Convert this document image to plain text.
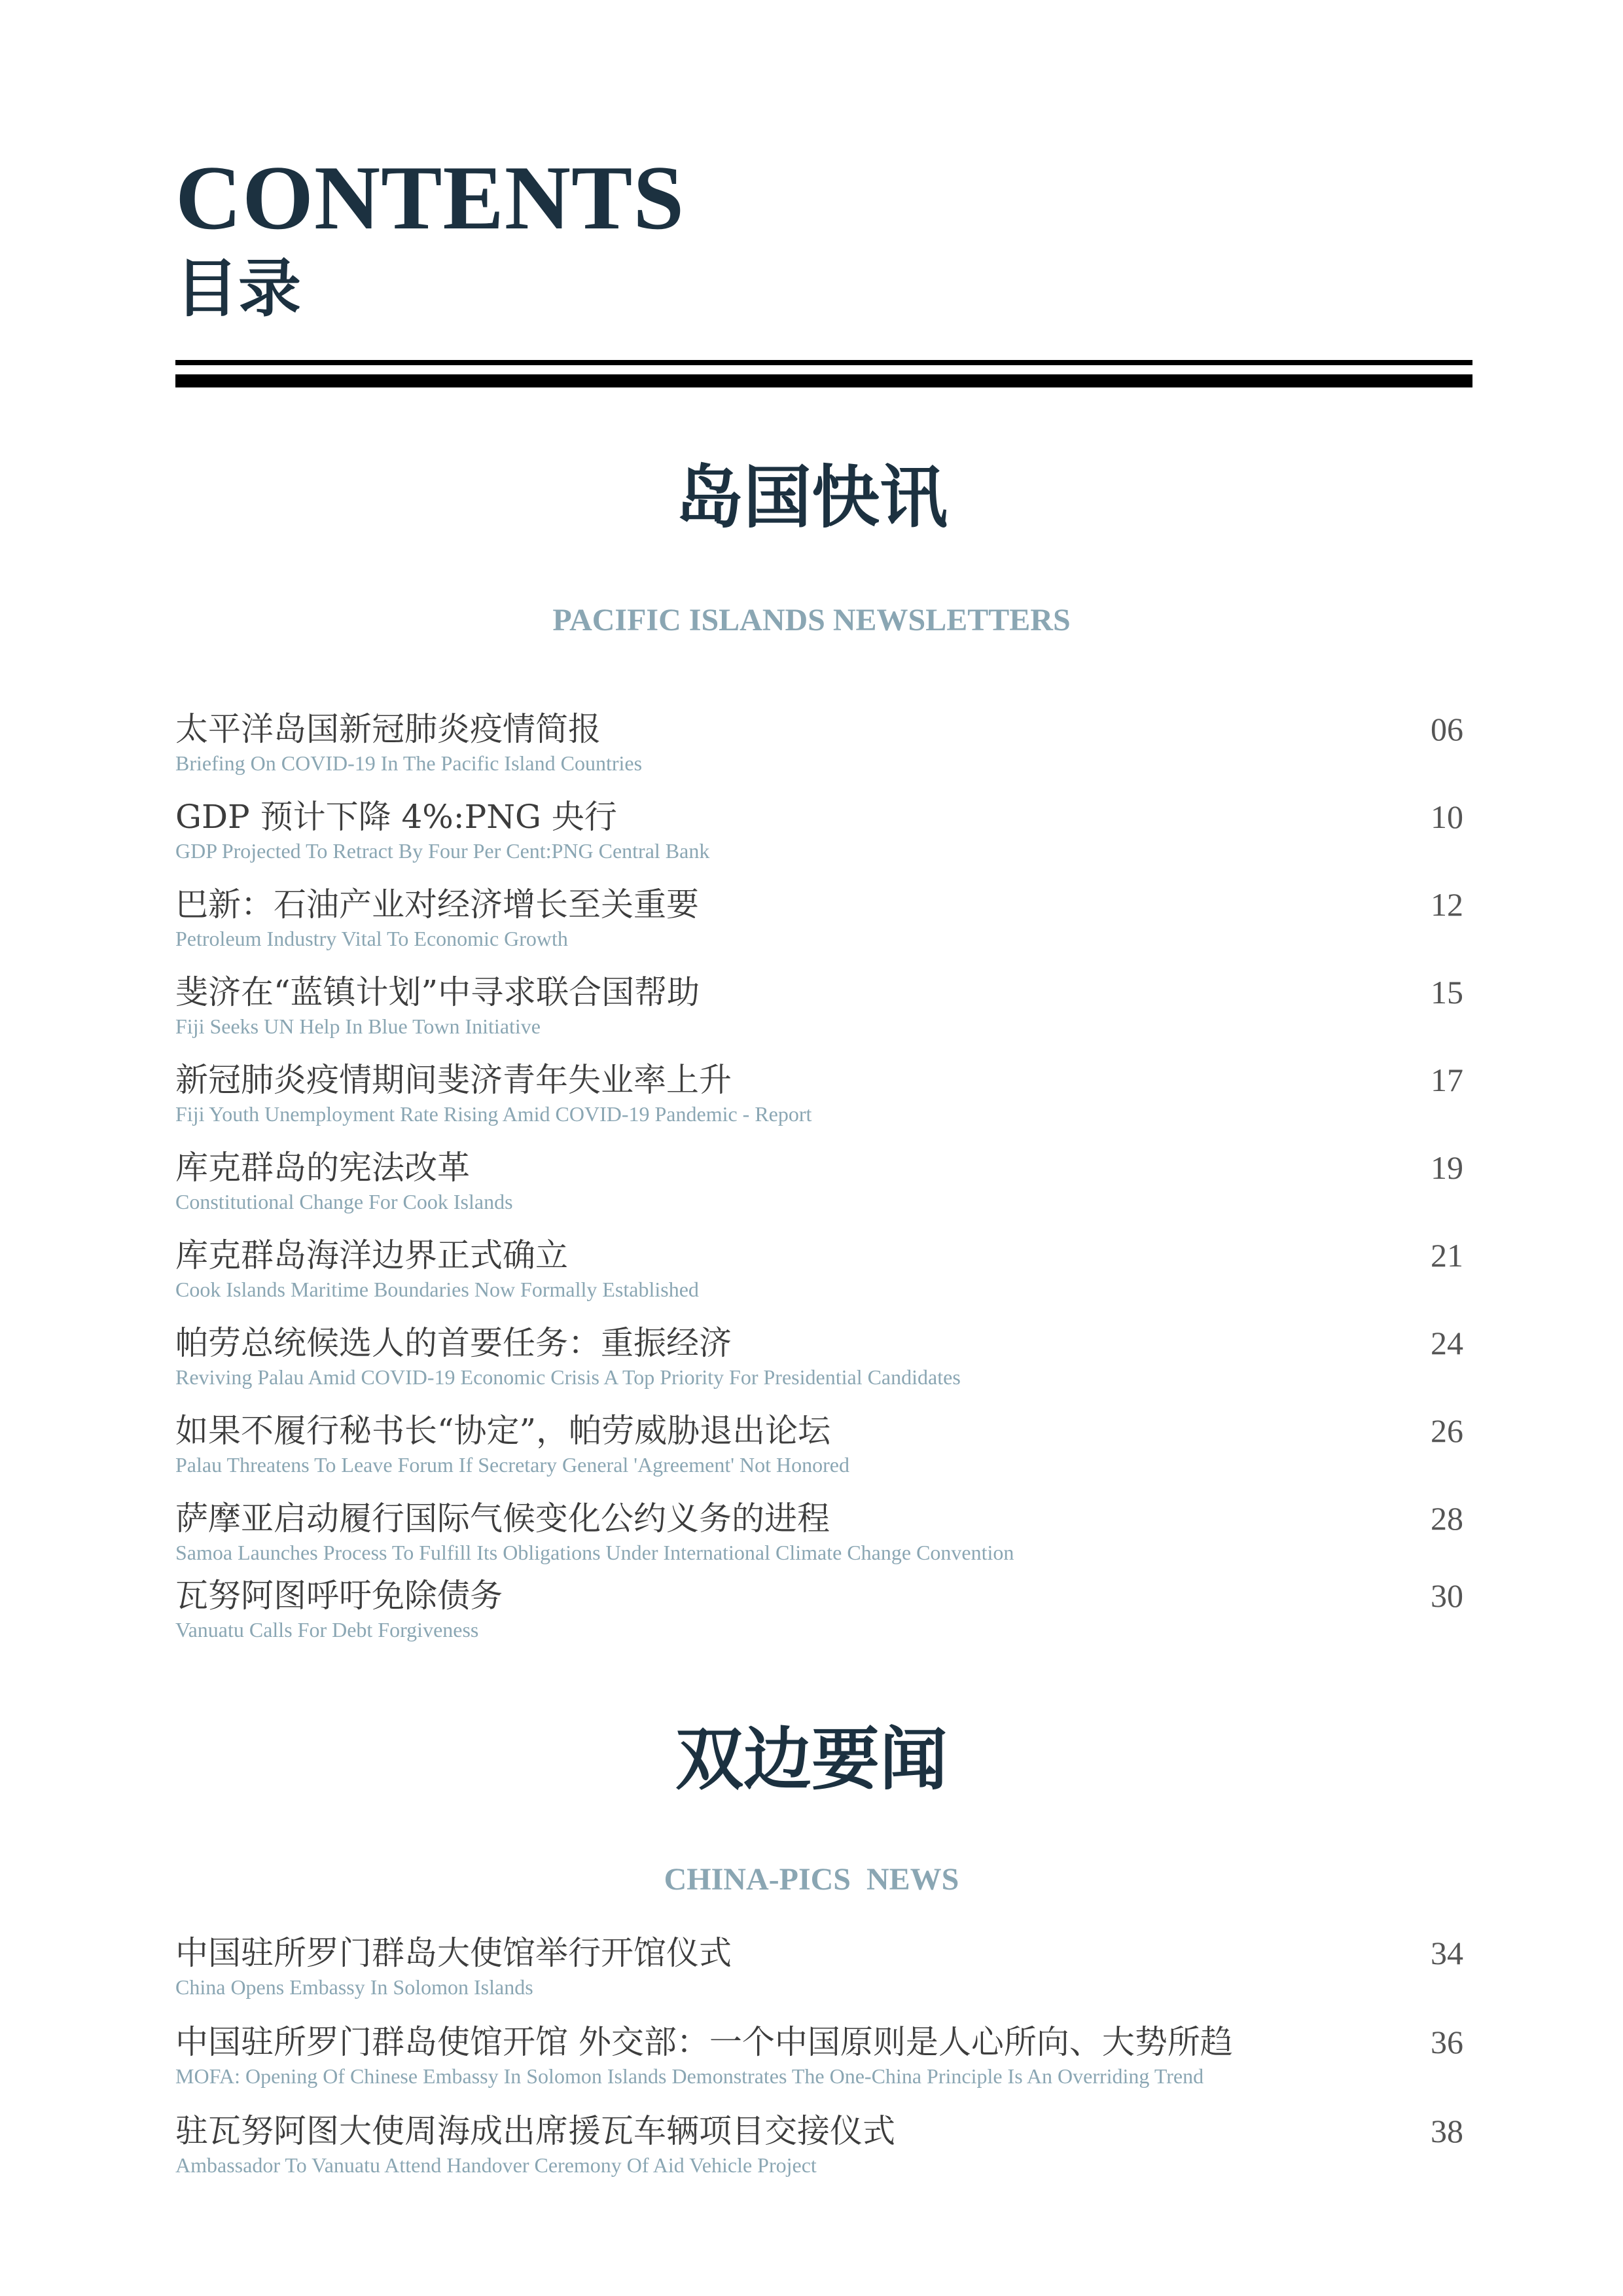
CONTENTS
目录
岛国快讯
PACIFIC ISLANDS NEWSLETTERS
太平洋岛国新冠肺炎疫情简报
Briefing On COVID-19 In The Pacific Island Countries
06
GDP 预计下降 4%:PNG 央行
GDP Projected To Retract By Four Per Cent:PNG Central Bank
10
巴新：石油产业对经济增长至关重要
Petroleum Industry Vital To Economic Growth
12
斐济在“蓝镇计划”中寻求联合国帮助
Fiji Seeks UN Help In Blue Town Initiative
15
新冠肺炎疫情期间斐济青年失业率上升
Fiji Youth Unemployment Rate Rising Amid COVID-19 Pandemic - Report
17
库克群岛的宪法改革
Constitutional Change For Cook Islands
19
库克群岛海洋边界正式确立
Cook Islands Maritime Boundaries Now Formally Established
21
帕劳总统候选人的首要任务：重振经济
Reviving Palau Amid COVID-19 Economic Crisis A Top Priority For Presidential Candidates
24
如果不履行秘书长“协定”，帕劳威胁退出论坛
Palau Threatens To Leave Forum If Secretary General 'Agreement' Not Honored
26
萨摩亚启动履行国际气候变化公约义务的进程
Samoa Launches Process To Fulfill Its Obligations Under International Climate Change Convention
28
瓦努阿图呼吁免除债务
Vanuatu Calls For Debt Forgiveness
30
双边要闻
CHINA-PICS  NEWS
中国驻所罗门群岛大使馆举行开馆仪式
China Opens Embassy In Solomon Islands
34
中国驻所罗门群岛使馆开馆 外交部：一个中国原则是人心所向、大势所趋
MOFA: Opening Of Chinese Embassy In Solomon Islands Demonstrates The One-China Principle Is An Overriding Trend
36
驻瓦努阿图大使周海成出席援瓦车辆项目交接仪式
Ambassador To Vanuatu Attend Handover Ceremony Of Aid Vehicle Project
38
